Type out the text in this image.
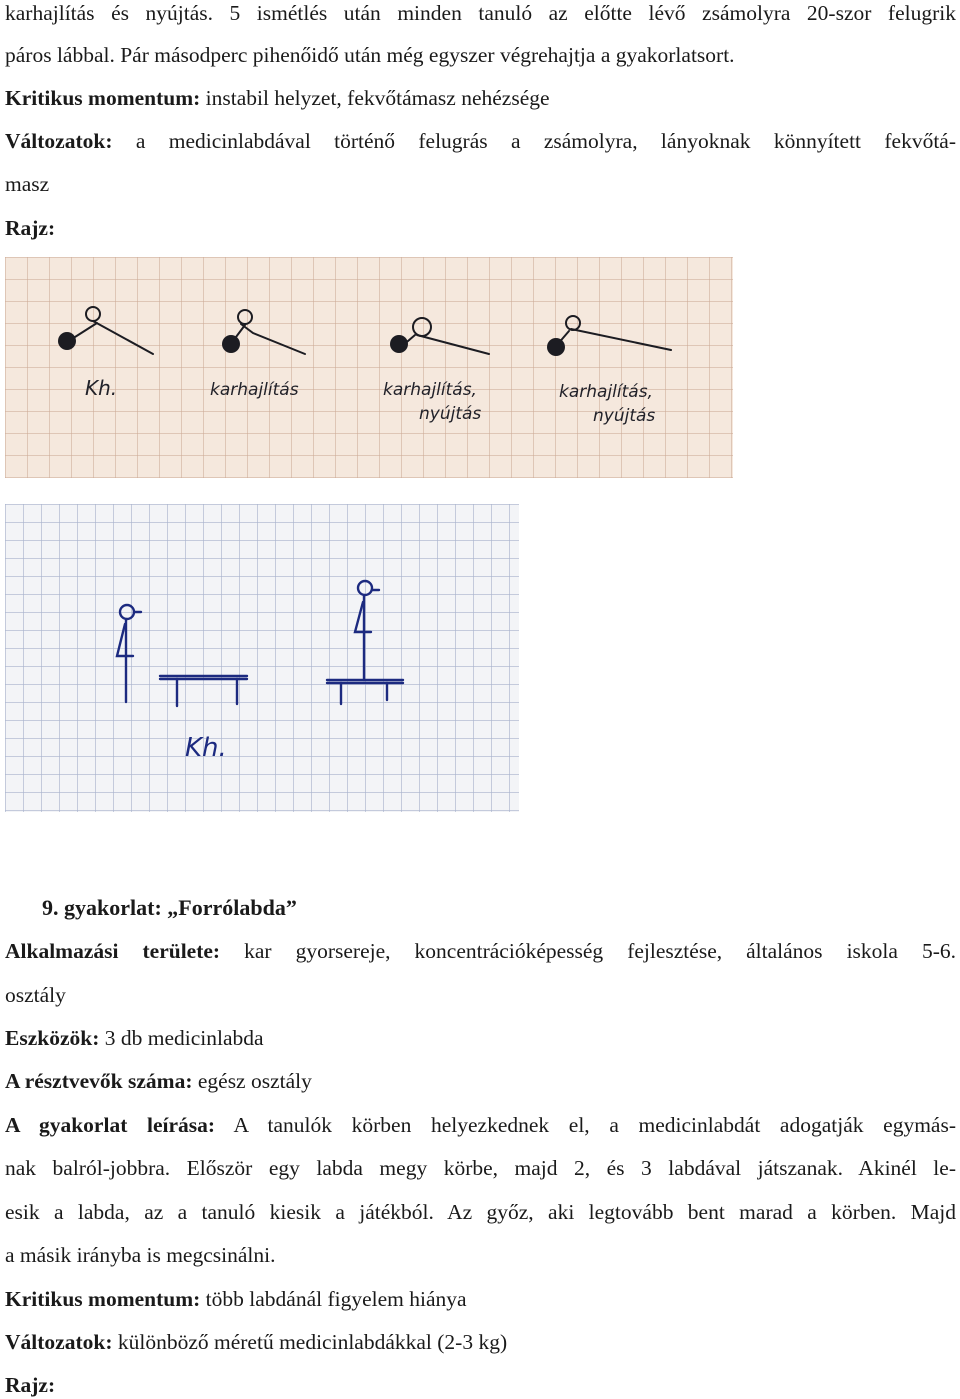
karhajlítás és nyújtás. 5 ismétlés után minden tanuló az előtte lévő zsámolyra 20-szor felugrik
páros lábbal. Pár másodperc pihenőidő után még egyszer végrehajtja a gyakorlatsort.
Kritikus momentum: instabil helyzet, fekvőtámasz nehézsége
Változatok: a medicinlabdával történő felugrás a zsámolyra, lányoknak könnyített fekvőtá-
masz
Rajz:
Kh.	karhajlítás	karhajlítás,
nyújtás
karhajlítás,
nyújtás
Kh.
9. gyakorlat: „Forrólabda”
Alkalmazási területe: kar gyorsereje, koncentrációképesség fejlesztése, általános iskola 5-6.
osztály
Eszközök: 3 db medicinlabda
A résztvevők száma: egész osztály
A gyakorlat leírása: A tanulók körben helyezkednek el, a medicinlabdát adogatják egymás-
nak balról-jobbra. Először egy labda megy körbe, majd 2, és 3 labdával játszanak. Akinél le-
esik a labda, az a tanuló kiesik a játékból. Az győz, aki legtovább bent marad a körben. Majd
a másik irányba is megcsinálni.
Kritikus momentum: több labdánál figyelem hiánya
Változatok: különböző méretű medicinlabdákkal (2-3 kg)
Rajz:
